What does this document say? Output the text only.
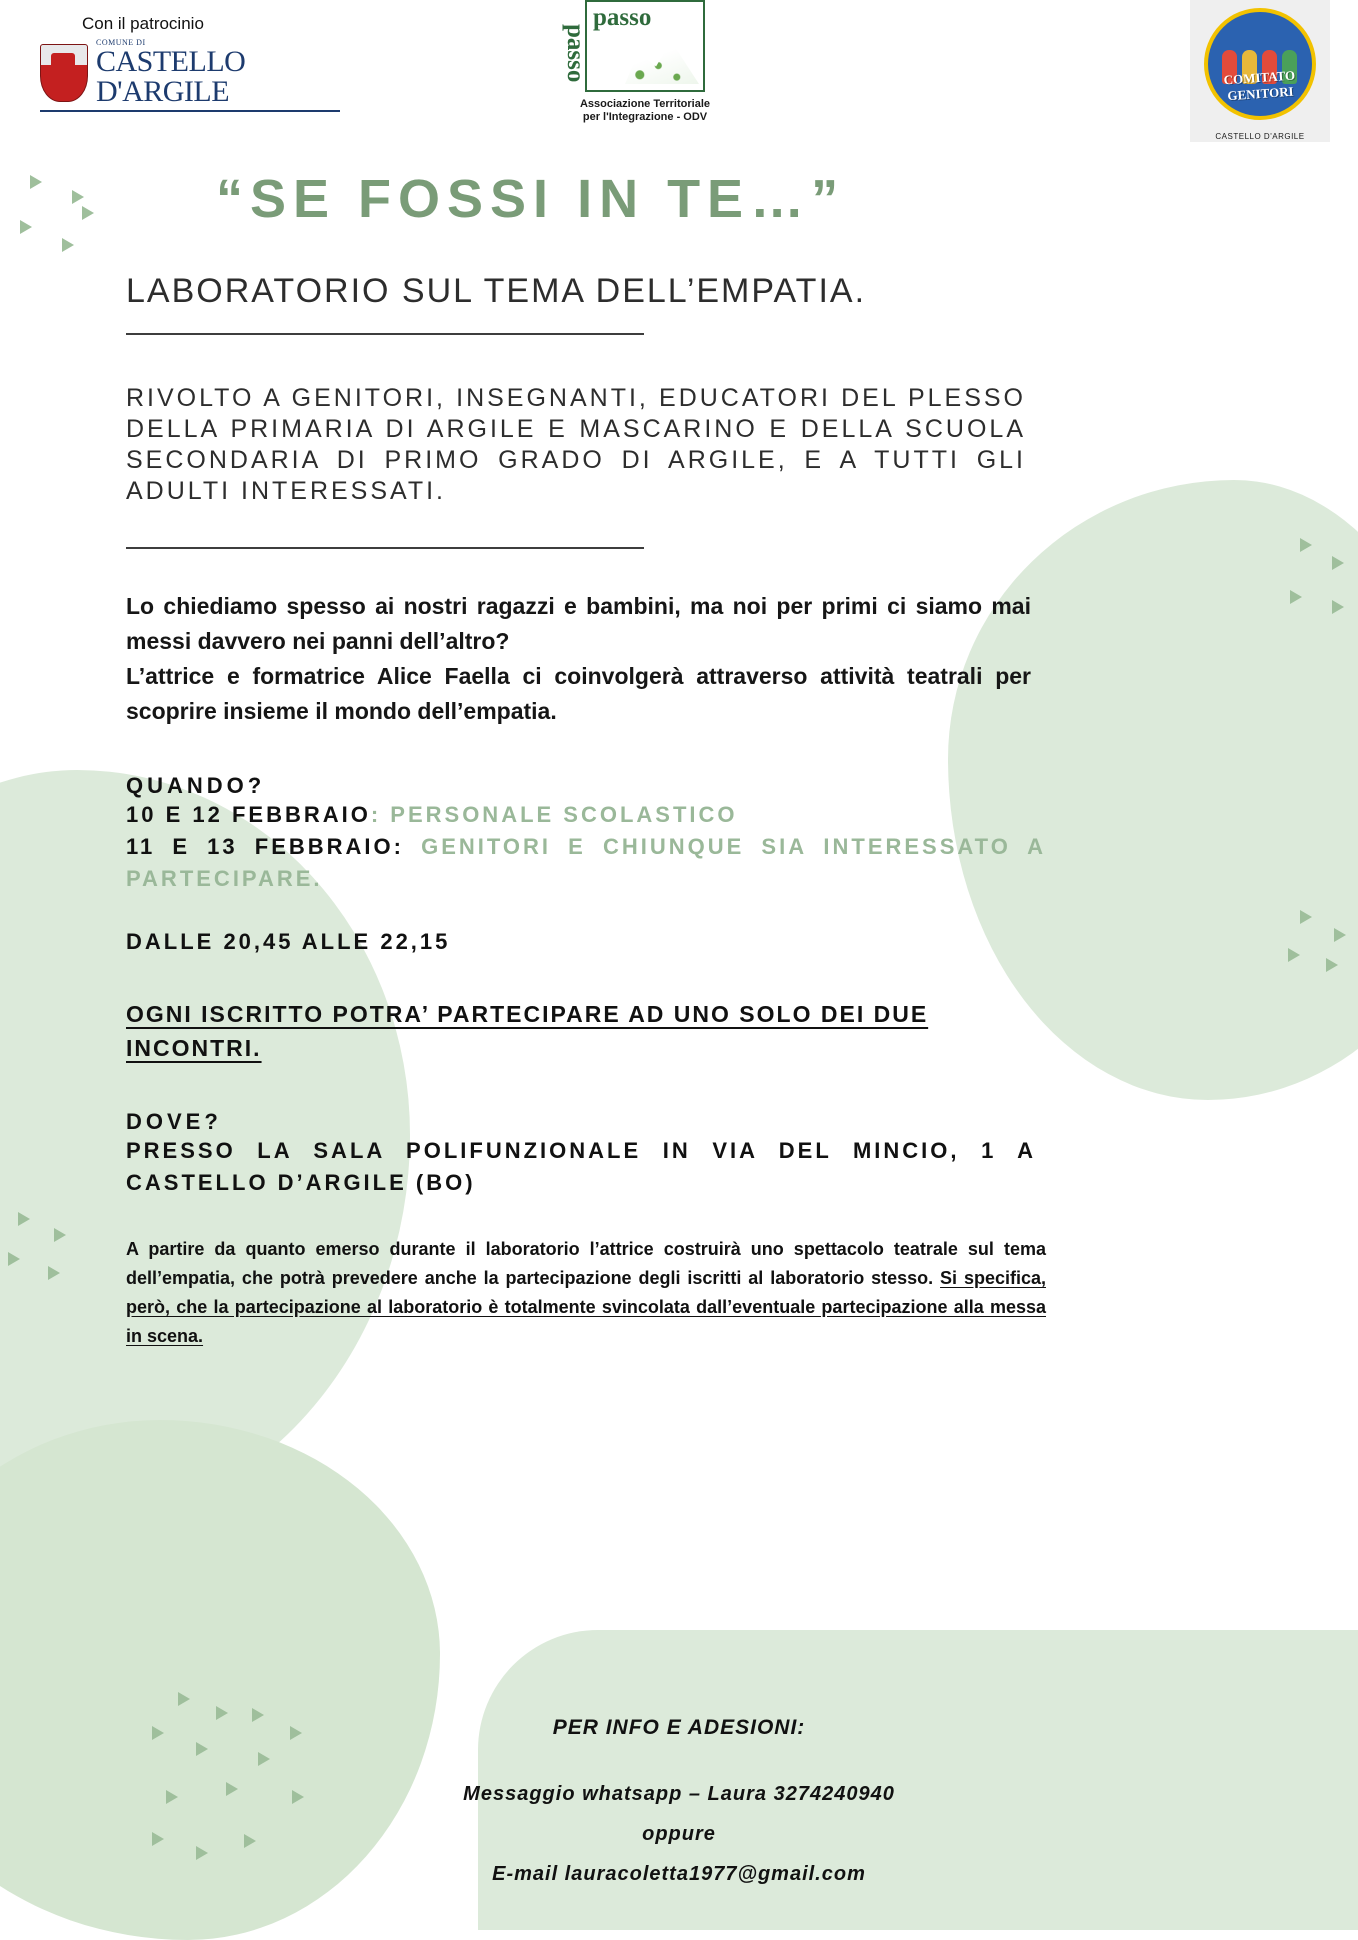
Con il patrocinio
COMUNE DI
CASTELLO D'ARGILE
passo
passo
Associazione Territoriale
per l'Integrazione - ODV
COMITATO GENITORI
CASTELLO D'ARGILE
“SE FOSSI IN TE…”
LABORATORIO SUL TEMA DELL’EMPATIA.
RIVOLTO A GENITORI, INSEGNANTI, EDUCATORI DEL PLESSO DELLA PRIMARIA DI ARGILE E MASCARINO E DELLA SCUOLA SECONDARIA DI PRIMO GRADO DI ARGILE, E A TUTTI GLI ADULTI INTERESSATI.
Lo chiediamo spesso ai nostri ragazzi e bambini, ma noi per primi ci siamo mai messi davvero nei panni dell’altro?
L’attrice e formatrice Alice Faella ci coinvolgerà attraverso attività teatrali per scoprire insieme il mondo dell’empatia.
QUANDO?
10 E 12 FEBBRAIO: PERSONALE SCOLASTICO
11 E 13 FEBBRAIO: GENITORI E CHIUNQUE SIA INTERESSATO A PARTECIPARE.
DALLE 20,45 ALLE 22,15
OGNI ISCRITTO POTRA’ PARTECIPARE AD UNO SOLO DEI DUE INCONTRI.
DOVE?
PRESSO LA SALA POLIFUNZIONALE IN VIA DEL MINCIO, 1 A CASTELLO D’ARGILE (BO)
A partire da quanto emerso durante il laboratorio l’attrice costruirà uno spettacolo teatrale sul tema dell’empatia, che potrà prevedere anche la partecipazione degli iscritti al laboratorio stesso. Si specifica, però, che la partecipazione al laboratorio è totalmente svincolata dall’eventuale partecipazione alla messa in scena.
PER INFO E ADESIONI:
Messaggio whatsapp – Laura 3274240940
oppure
E-mail lauracoletta1977@gmail.com
